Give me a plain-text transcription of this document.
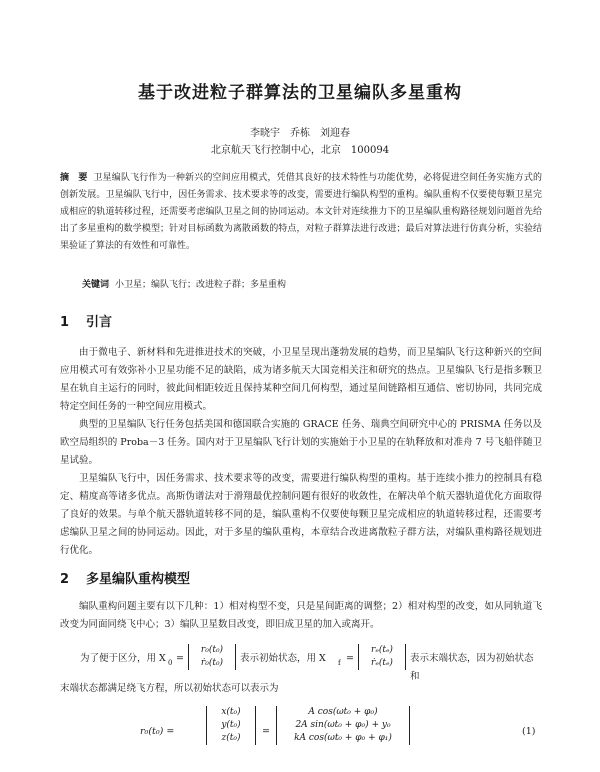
基于改进粒子群算法的卫星编队多星重构
李晓宇　乔栋　刘迎春
北京航天飞行控制中心，北京　100094
摘　要 卫星编队飞行作为一种新兴的空间应用模式，凭借其良好的技术特性与功能优势，必将促进空间任务实施方式的创新发展。卫星编队飞行中，因任务需求、技术要求等的改变，需要进行编队构型的重构。编队重构不仅要使每颗卫星完成相应的轨道转移过程，还需要考虑编队卫星之间的协同运动。本文针对连续推力下的卫星编队重构路径规划问题首先给出了多星重构的数学模型；针对目标函数为离散函数的特点，对粒子群算法进行改进；最后对算法进行仿真分析，实验结果验证了算法的有效性和可靠性。
关键词 小卫星；编队飞行；改进粒子群；多星重构
1 引言
由于微电子、新材料和先进推进技术的突破，小卫星呈现出蓬勃发展的趋势，而卫星编队飞行这种新兴的空间应用模式可有效弥补小卫星功能不足的缺陷，成为诸多航天大国竞相关注和研究的热点。卫星编队飞行是指多颗卫星在轨自主运行的同时，彼此间相距较近且保持某种空间几何构型，通过星间链路相互通信、密切协同，共同完成特定空间任务的一种空间应用模式。
典型的卫星编队飞行任务包括美国和德国联合实施的 GRACE 任务、瑞典空间研究中心的 PRISMA 任务以及欧空局组织的 Proba－3 任务。国内对于卫星编队飞行计划的实施始于小卫星的在轨释放和对准舟 7 号飞船伴随卫星试验。
卫星编队飞行中，因任务需求、技术要求等的改变，需要进行编队构型的重构。基于连续小推力的控制具有稳定、精度高等诸多优点。高斯伪谱法对于滑翔最优控制问题有很好的收敛性，在解决单个航天器轨道优化方面取得了良好的效果。与单个航天器轨道转移不同的是，编队重构不仅要使每颗卫星完成相应的轨道转移过程，还需要考虑编队卫星之间的协同运动。因此，对于多星的编队重构，本章结合改进离散粒子群方法，对编队重构路径规划进行优化。
2 多星编队重构模型
编队重构问题主要有以下几种：1）相对构型不变，只是星间距离的调整；2）相对构型的改变，如从同轨道飞改变为同面同绕飞中心；3）编队卫星数目改变，即旧成卫星的加入或离开。
为了便于区分，用 X 0 =
r₀(t₀)
ṙ₀(t₀)	表示初始状态，用 X f =
rₑ(tₑ)
ṙₑ(tₑ)	表示末端状态，因为初始状态和
末端状态都满足绕飞方程，所以初始状态可以表示为
r₀(t₀) =
x(t₀)
y(t₀)
z(t₀)
=
A cos(ωt₀ + φ₀)
2A sin(ωt₀ + φ₀) + y₀
kA cos(ωt₀ + φ₀ + φ₁)
(1)
